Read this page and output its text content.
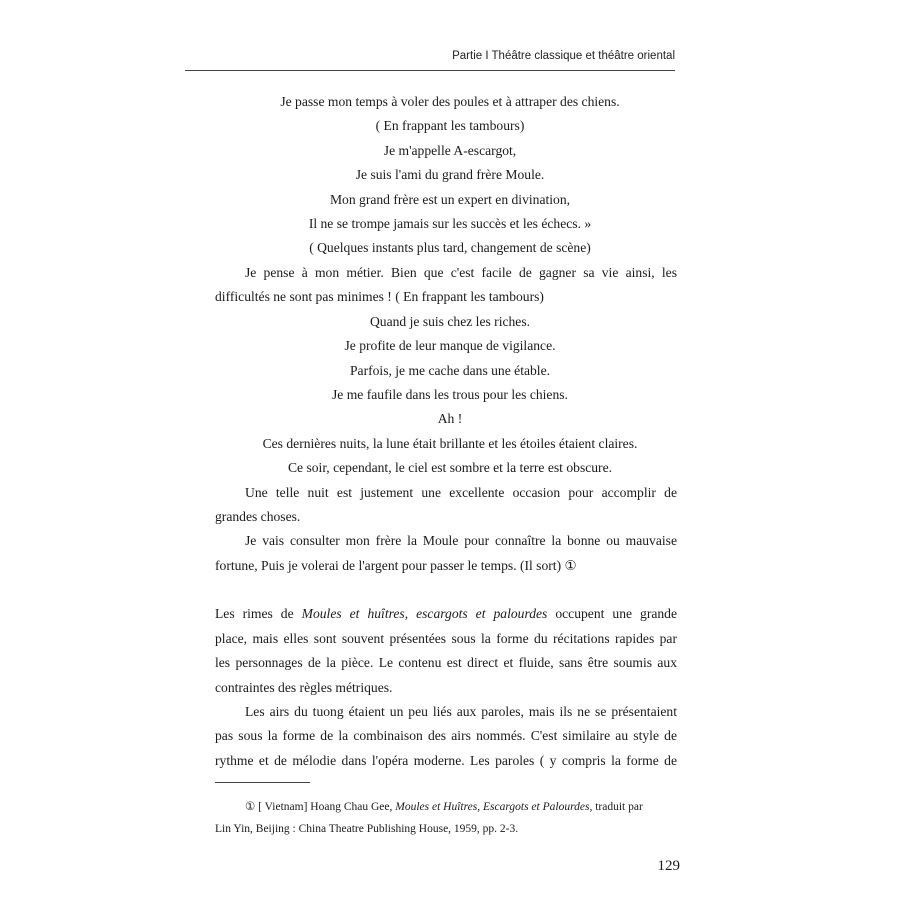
Partie I Théâtre classique et théâtre oriental
Je passe mon temps à voler des poules et à attraper des chiens.
( En frappant les tambours)
Je m'appelle A-escargot,
Je suis l'ami du grand frère Moule.
Mon grand frère est un expert en divination,
Il ne se trompe jamais sur les succès et les échecs. »
( Quelques instants plus tard, changement de scène)
Je pense à mon métier. Bien que c'est facile de gagner sa vie ainsi, les
difficultés ne sont pas minimes ! ( En frappant les tambours)
Quand je suis chez les riches.
Je profite de leur manque de vigilance.
Parfois, je me cache dans une étable.
Je me faufile dans les trous pour les chiens.
Ah !
Ces dernières nuits, la lune était brillante et les étoiles étaient claires.
Ce soir, cependant, le ciel est sombre et la terre est obscure.
Une telle nuit est justement une excellente occasion pour accomplir de
grandes choses.
Je vais consulter mon frère la Moule pour connaître la bonne ou mauvaise
fortune, Puis je volerai de l'argent pour passer le temps. (Il sort) ①
Les rimes de Moules et huîtres, escargots et palourdes occupent une grande
place, mais elles sont souvent présentées sous la forme du récitations rapides par
les personnages de la pièce. Le contenu est direct et fluide, sans être soumis aux
contraintes des règles métriques.
Les airs du tuong étaient un peu liés aux paroles, mais ils ne se présentaient
pas sous la forme de la combinaison des airs nommés. C'est similaire au style de
rythme et de mélodie dans l'opéra moderne. Les paroles ( y compris la forme de
① [ Vietnam] Hoang Chau Gee, Moules et Huîtres, Escargots et Palourdes, traduit par
Lin Yin, Beijing : China Theatre Publishing House, 1959, pp. 2-3.
129
